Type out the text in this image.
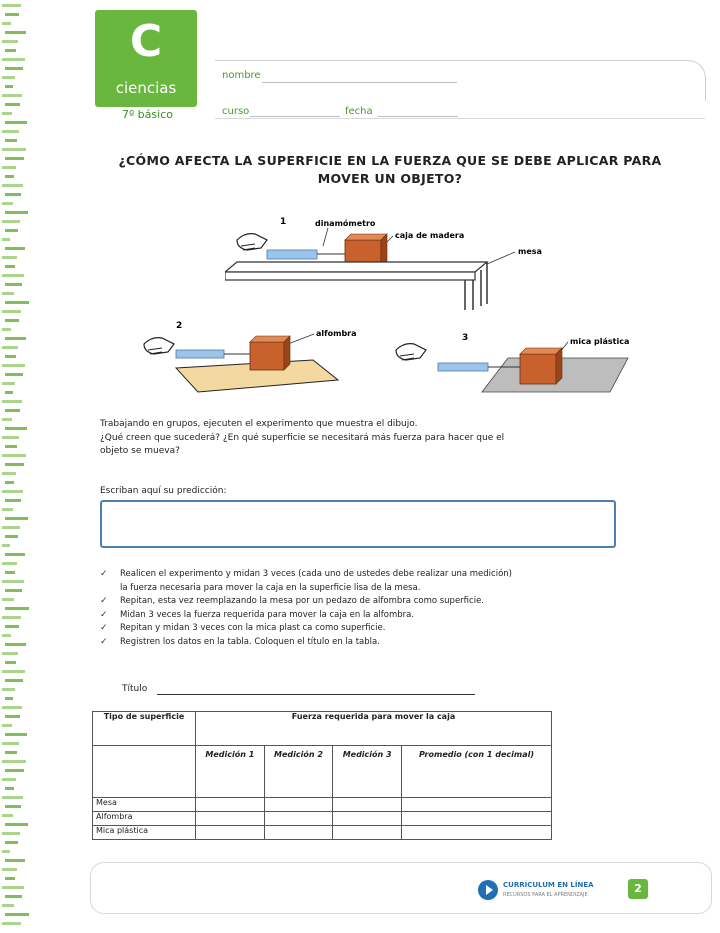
C
ciencias
7º básico
nombre
curso	fecha
¿CÓMO AFECTA LA SUPERFICIE EN LA FUERZA QUE SE DEBE APLICAR PARA
MOVER UN OBJETO?
1	dinamómetro
caja de madera
mesa
2
alfombra	3	mica plástica
Trabajando en grupos, ejecuten el experimento que muestra el dibujo.
¿Qué creen que sucederá? ¿En qué superficie se necesitará más fuerza para hacer que el
objeto se mueva?
Escriban aquí su predicción:
✓ Realicen el experimento y midan 3 veces (cada uno de ustedes debe realizar una medición)
la fuerza necesaria para mover la caja en la superficie lisa de la mesa.
✓ Repitan, esta vez reemplazando la mesa por un pedazo de alfombra como superficie.
✓ Midan 3 veces la fuerza requerida para mover la caja en la alfombra.
✓ Repitan y midan 3 veces con la mica plast ca como superficie.
✓ Registren los datos en la tabla. Coloquen el título en la tabla.
Título
Tipo de superficie	Fuerza requerida para mover la caja			
	Medición 1	Medición 2	Medición 3	Promedio (con 1 decimal)
Mesa				
Alfombra				
Mica plástica				
CURRÍCULUM EN LÍNEA
RECURSOS PARA EL APRENDIZAJE	2
